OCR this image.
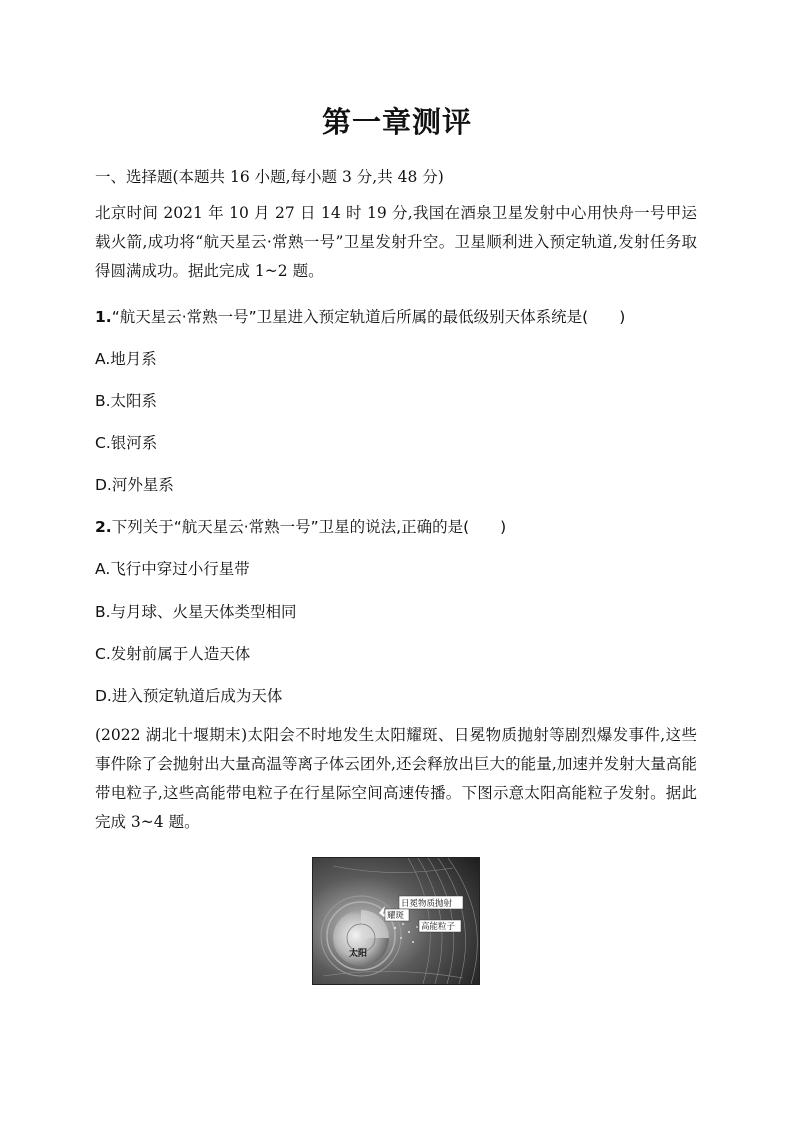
第一章测评
一、选择题(本题共 16 小题,每小题 3 分,共 48 分)
北京时间 2021 年 10 月 27 日 14 时 19 分,我国在酒泉卫星发射中心用快舟一号甲运载火箭,成功将“航天星云·常熟一号”卫星发射升空。卫星顺利进入预定轨道,发射任务取得圆满成功。据此完成 1~2 题。
1.“航天星云·常熟一号”卫星进入预定轨道后所属的最低级别天体系统是(　　)
A.地月系
B.太阳系
C.银河系
D.河外星系
2.下列关于“航天星云·常熟一号”卫星的说法,正确的是(　　)
A.飞行中穿过小行星带
B.与月球、火星天体类型相同
C.发射前属于人造天体
D.进入预定轨道后成为天体
(2022 湖北十堰期末)太阳会不时地发生太阳耀斑、日冕物质抛射等剧烈爆发事件,这些事件除了会抛射出大量高温等离子体云团外,还会释放出巨大的能量,加速并发射大量高能带电粒子,这些高能带电粒子在行星际空间高速传播。下图示意太阳高能粒子发射。据此完成 3~4 题。
日冕物质抛射
耀斑
高能粒子
太阳
